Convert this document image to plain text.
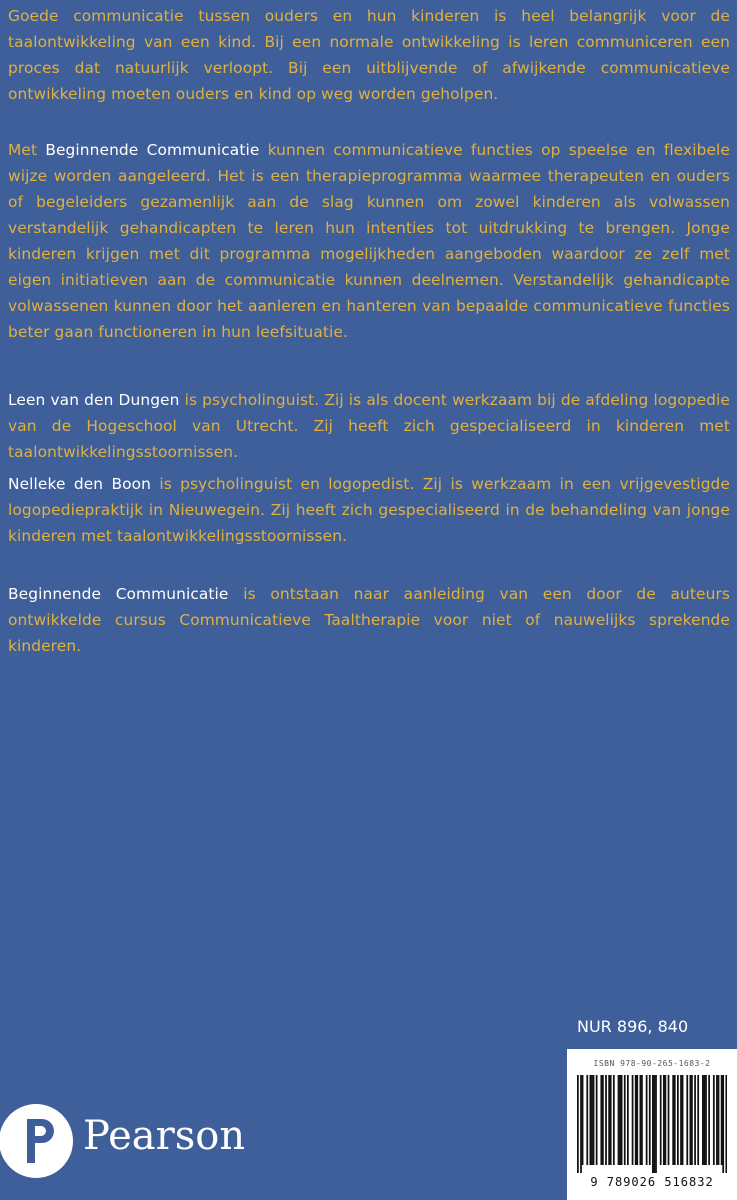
Goede communicatie tussen ouders en hun kinderen is heel belangrijk voor de taalontwikkeling van een kind. Bij een normale ontwikkeling is leren communiceren een proces dat natuurlijk verloopt. Bij een uitblijvende of afwijkende communicatieve ontwikkeling moeten ouders en kind op weg worden geholpen.

Met Beginnende Communicatie kunnen communicatieve functies op speelse en flexibele wijze worden aangeleerd. Het is een therapieprogramma waarmee therapeuten en ouders of begeleiders gezamenlijk aan de slag kunnen om zowel kinderen als volwassen verstandelijk gehandicapten te leren hun intenties tot uitdrukking te brengen. Jonge kinderen krijgen met dit programma mogelijkheden aangeboden waardoor ze zelf met eigen initiatieven aan de communicatie kunnen deelnemen. Verstandelijk gehandicapte volwassenen kunnen door het aanleren en hanteren van bepaalde communicatieve functies beter gaan functioneren in hun leefsituatie.

Leen van den Dungen is psycholinguist. Zij is als docent werkzaam bij de afdeling logopedie van de Hogeschool van Utrecht. Zij heeft zich gespecialiseerd in kinderen met taalontwikkelingsstoornissen.

Nelleke den Boon is psycholinguist en logopedist. Zij is werkzaam in een vrijgevestigde logopediepraktijk in Nieuwegein. Zij heeft zich gespecialiseerd in de behandeling van jonge kinderen met taalontwikkelingsstoornissen.

Beginnende Communicatie is ontstaan naar aanleiding van een door de auteurs ontwikkelde cursus Communicatieve Taaltherapie voor niet of nauwelijks sprekende kinderen.

NUR 896, 840
ISBN 978-90-265-1683-2
9 789026 516832
Pearson
